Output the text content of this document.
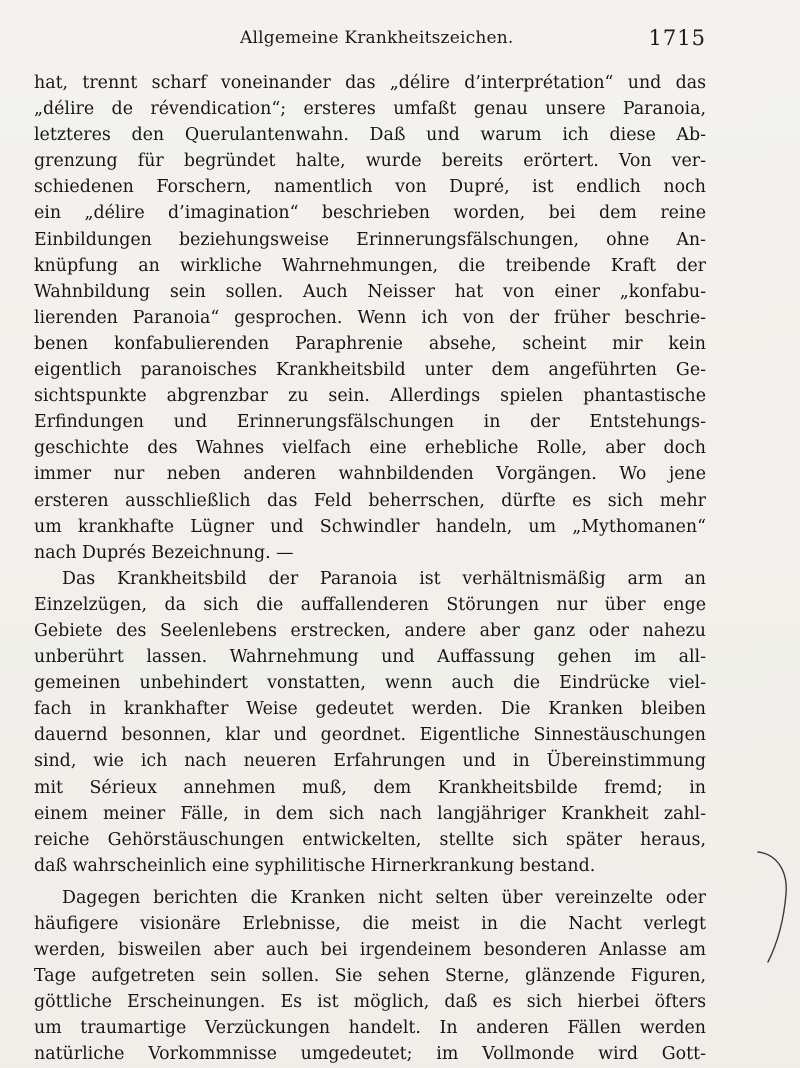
Allgemeine Krankheitszeichen.	1715
hat, trennt scharf voneinander das „délire d’interprétation“ und das
„délire de révendication“; ersteres umfaßt genau unsere Paranoia,
letzteres den Querulantenwahn. Daß und warum ich diese Ab-
grenzung für begründet halte, wurde bereits erörtert. Von ver-
schiedenen Forschern, namentlich von Dupré, ist endlich noch
ein „délire d’imagination“ beschrieben worden, bei dem reine
Einbildungen beziehungsweise Erinnerungsfälschungen, ohne An-
knüpfung an wirkliche Wahrnehmungen, die treibende Kraft der
Wahnbildung sein sollen. Auch Neisser hat von einer „konfabu-
lierenden Paranoia“ gesprochen. Wenn ich von der früher beschrie-
benen konfabulierenden Paraphrenie absehe, scheint mir kein
eigentlich paranoisches Krankheitsbild unter dem angeführten Ge-
sichtspunkte abgrenzbar zu sein. Allerdings spielen phantastische
Erfindungen und Erinnerungsfälschungen in der Entstehungs-
geschichte des Wahnes vielfach eine erhebliche Rolle, aber doch
immer nur neben anderen wahnbildenden Vorgängen. Wo jene
ersteren ausschließlich das Feld beherrschen, dürfte es sich mehr
um krankhafte Lügner und Schwindler handeln, um „Mythomanen“
nach Duprés Bezeichnung. —
Das Krankheitsbild der Paranoia ist verhältnismäßig arm an
Einzelzügen, da sich die auffallenderen Störungen nur über enge
Gebiete des Seelenlebens erstrecken, andere aber ganz oder nahezu
unberührt lassen. Wahrnehmung und Auffassung gehen im all-
gemeinen unbehindert vonstatten, wenn auch die Eindrücke viel-
fach in krankhafter Weise gedeutet werden. Die Kranken bleiben
dauernd besonnen, klar und geordnet. Eigentliche Sinnestäuschungen
sind, wie ich nach neueren Erfahrungen und in Übereinstimmung
mit Sérieux annehmen muß, dem Krankheitsbilde fremd; in
einem meiner Fälle, in dem sich nach langjähriger Krankheit zahl-
reiche Gehörstäuschungen entwickelten, stellte sich später heraus,
daß wahrscheinlich eine syphilitische Hirnerkrankung bestand.
Dagegen berichten die Kranken nicht selten über vereinzelte oder
häufigere visionäre Erlebnisse, die meist in die Nacht verlegt
werden, bisweilen aber auch bei irgendeinem besonderen Anlasse am
Tage aufgetreten sein sollen. Sie sehen Sterne, glänzende Figuren,
göttliche Erscheinungen. Es ist möglich, daß es sich hierbei öfters
um traumartige Verzückungen handelt. In anderen Fällen werden
natürliche Vorkommnisse umgedeutet; im Vollmonde wird Gott-
